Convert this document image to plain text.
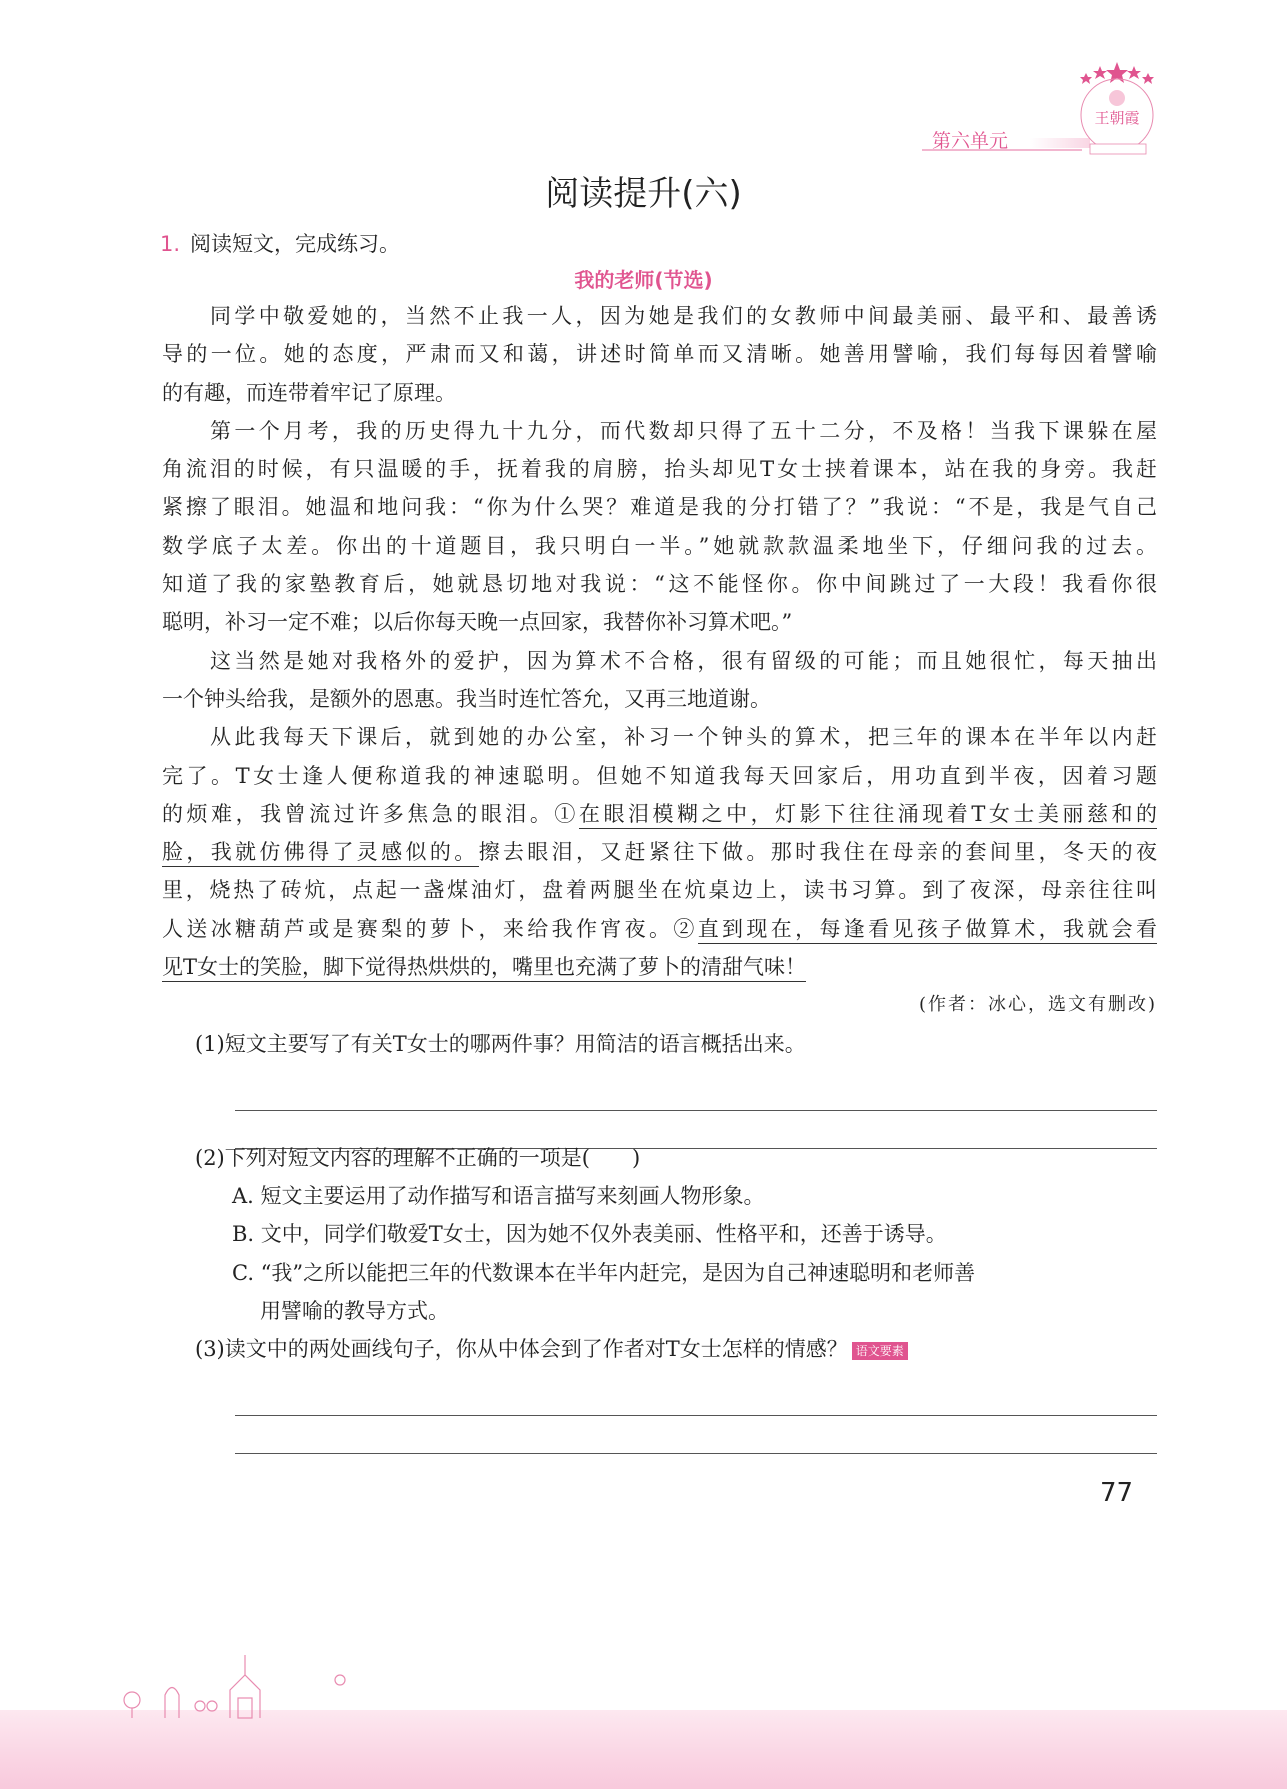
第六单元
王朝霞
阅读提升(六)
1. 阅读短文，完成练习。
我的老师(节选)
同学中敬爱她的，当然不止我一人，因为她是我们的女教师中间最美丽、最平和、最善诱
导的一位。她的态度，严肃而又和蔼，讲述时简单而又清晰。她善用譬喻，我们每每因着譬喻
的有趣，而连带着牢记了原理。
第一个月考，我的历史得九十九分，而代数却只得了五十二分，不及格！当我下课躲在屋
角流泪的时候，有只温暖的手，抚着我的肩膀，抬头却见T女士挟着课本，站在我的身旁。我赶
紧擦了眼泪。她温和地问我：“你为什么哭？难道是我的分打错了？”我说：“不是，我是气自己
数学底子太差。你出的十道题目，我只明白一半。”她就款款温柔地坐下，仔细问我的过去。
知道了我的家塾教育后，她就恳切地对我说：“这不能怪你。你中间跳过了一大段！我看你很
聪明，补习一定不难；以后你每天晚一点回家，我替你补习算术吧。”
这当然是她对我格外的爱护，因为算术不合格，很有留级的可能；而且她很忙，每天抽出
一个钟头给我，是额外的恩惠。我当时连忙答允，又再三地道谢。
从此我每天下课后，就到她的办公室，补习一个钟头的算术，把三年的课本在半年以内赶
完了。T女士逢人便称道我的神速聪明。但她不知道我每天回家后，用功直到半夜，因着习题
的烦难，我曾流过许多焦急的眼泪。①在眼泪模糊之中，灯影下往往涌现着T女士美丽慈和的
脸，我就仿佛得了灵感似的。擦去眼泪，又赶紧往下做。那时我住在母亲的套间里，冬天的夜
里，烧热了砖炕，点起一盏煤油灯，盘着两腿坐在炕桌边上，读书习算。到了夜深，母亲往往叫
人送冰糖葫芦或是赛梨的萝卜，来给我作宵夜。②直到现在，每逢看见孩子做算术，我就会看
见T女士的笑脸，脚下觉得热烘烘的，嘴里也充满了萝卜的清甜气味！
(作者：冰心，选文有删改)
(1)短文主要写了有关T女士的哪两件事？用简洁的语言概括出来。
(2)下列对短文内容的理解不正确的一项是(　　)
A. 短文主要运用了动作描写和语言描写来刻画人物形象。
B. 文中，同学们敬爱T女士，因为她不仅外表美丽、性格平和，还善于诱导。
C. “我”之所以能把三年的代数课本在半年内赶完，是因为自己神速聪明和老师善
用譬喻的教导方式。
(3)读文中的两处画线句子，你从中体会到了作者对T女士怎样的情感？ 语文要素
77
